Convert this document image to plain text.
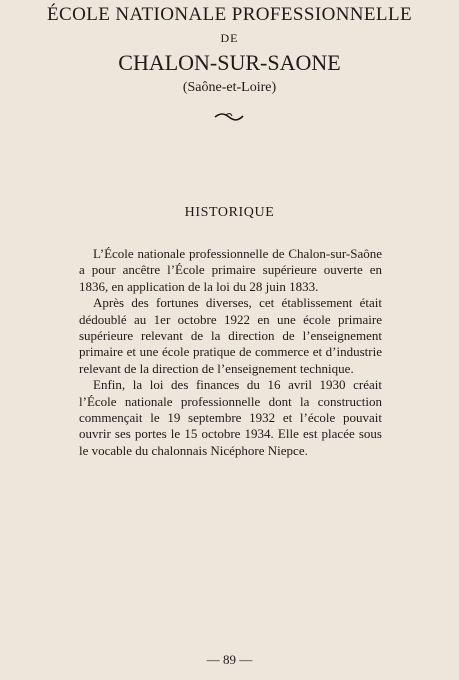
ÉCOLE NATIONALE PROFESSIONNELLE
DE
CHALON-SUR-SAONE
(Saône-et-Loire)
HISTORIQUE

L’École nationale professionnelle de Chalon-sur-Saône a pour ancêtre l’École primaire supérieure ouverte en 1836, en application de la loi du 28 juin 1833.

Après des fortunes diverses, cet établissement était dédoublé au 1er octobre 1922 en une école primaire supérieure relevant de la direction de l’enseignement primaire et une école pratique de commerce et d’industrie relevant de la direction de l’enseignement technique.

Enfin, la loi des finances du 16 avril 1930 créait l’École nationale professionnelle dont la construction commençait le 19 septembre 1932 et l’école pouvait ouvrir ses portes le 15 octobre 1934. Elle est placée sous le vocable du chalonnais Nicéphore Niepce.

— 89 —
